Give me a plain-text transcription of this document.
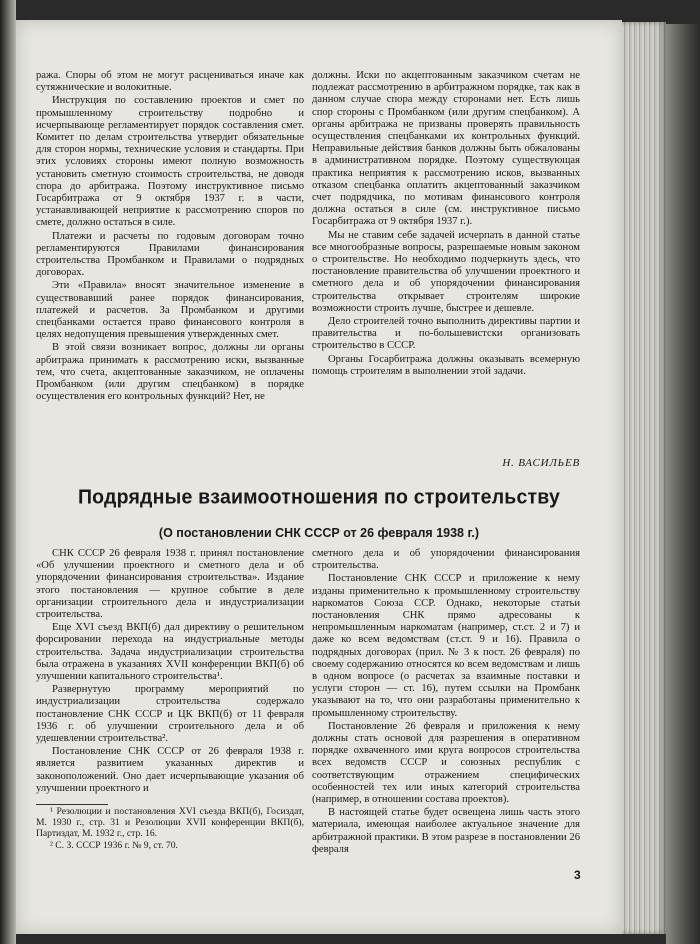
ража. Споры об этом не могут расцениваться иначе как сутяжнические и волокитные.

Инструкция по составлению проектов и смет по промышленному строительству подробно и исчерпывающе регламентирует порядок составления смет. Комитет по делам строительства утвердит обязательные для сторон нормы, технические условия и стандарты. При этих условиях стороны имеют полную возможность установить сметную стоимость строительства, не доводя спора до арбитража. Поэтому инструктивное письмо Госарбитража от 9 октября 1937 г. в части, устанавливающей неприятие к рассмотрению споров по смете, должно остаться в силе.

Платежи и расчеты по годовым договорам точно регламентируются Правилами финансирования строительства Промбанком и Правилами о подрядных договорах.

Эти «Правила» вносят значительное изменение в существовавший ранее порядок финансирования, платежей и расчетов. За Промбанком и другими спецбанками остается право финансового контроля в целях недопущения превышения утвержденных смет.

В этой связи возникает вопрос, должны ли органы арбитража принимать к рассмотрению иски, вызванные тем, что счета, акцептованные заказчиком, не оплачены Промбанком (или другим спецбанком) в порядке осуществления его контрольных функций? Нет, не

должны. Иски по акцептованным заказчиком счетам не подлежат рассмотрению в арбитражном порядке, так как в данном случае спора между сторонами нет. Есть лишь спор стороны с Промбанком (или другим спецбанком). А органы арбитража не призваны проверять правильность осуществления спецбанками их контрольных функций. Неправильные действия банков должны быть обжалованы в административном порядке. Поэтому существующая практика неприятия к рассмотрению исков, вызванных отказом спецбанка оплатить акцептованный заказчиком счет подрядчика, по мотивам финансового контроля должна остаться в силе (см. инструктивное письмо Госарбитража от 9 октября 1937 г.).

Мы не ставим себе задачей исчерпать в данной статье все многообразные вопросы, разрешаемые новым законом о строительстве. Но необходимо подчеркнуть здесь, что постановление правительства об улучшении проектного и сметного дела и об упорядочении финансирования строительства открывает строителям широкие возможности строить лучше, быстрее и дешевле.

Дело строителей точно выполнить директивы партии и правительства и по-большевистски организовать строительство в СССР.

Органы Госарбитража должны оказывать всемерную помощь строителям в выполнении этой задачи.

Н. ВАСИЛЬЕВ
Подрядные взаимоотношения по строительству
(О постановлении СНК СССР от 26 февраля 1938 г.)

СНК СССР 26 февраля 1938 г. принял постановление «Об улучшении проектного и сметного дела и об упорядочении финансирования строительства». Издание этого постановления — крупное событие в деле организации строительного дела и индустриализации строительства.

Еще XVI съезд ВКП(б) дал директиву о решительном форсировании перехода на индустриальные методы строительства. Задача индустриализации строительства была отражена в указаниях XVII конференции ВКП(б) об улучшении капитального строительства¹.

Развернутую программу мероприятий по индустриализации строительства содержало постановление СНК СССР и ЦК ВКП(б) от 11 февраля 1936 г. об улучшении строительного дела и об удешевлении строительства².

Постановление СНК СССР от 26 февраля 1938 г. является развитием указанных директив и законоположений. Оно дает исчерпывающие указания об улучшении проектного и

сметного дела и об упорядочении финансирования строительства.

Постановление СНК СССР и приложение к нему изданы применительно к промышленному строительству наркоматов Союза ССР. Однако, некоторые статьи постановления СНК прямо адресованы к непромышленным наркоматам (например, ст.ст. 2 и 7) и даже ко всем ведомствам (ст.ст. 9 и 16). Правила о подрядных договорах (прил. № 3 к пост. 26 февраля) по своему содержанию относятся ко всем ведомствам и лишь в одном вопросе (о расчетах за взаимные поставки и услуги сторон — ст. 16), путем ссылки на Промбанк указывают на то, что они разработаны применительно к промышленному строительству.

Постановление 26 февраля и приложения к нему должны стать основой для разрешения в оперативном порядке охваченного ими круга вопросов строительства всех ведомств СССР и союзных республик с соответствующим отражением специфических особенностей тех или иных категорий строительства (например, в отношении состава проектов).

В настоящей статье будет освещена лишь часть этого материала, имеющая наиболее актуальное значение для арбитражной практики. В этом разрезе в постановлении 26 февраля

¹ Резолюции и постановления XVI съезда ВКП(б), Госиздат, М. 1930 г., стр. 31 и Резолюции XVII конференции ВКП(б), Партиздат, М. 1932 г., стр. 16.

² С. З. СССР 1936 г. № 9, ст. 70.

3
